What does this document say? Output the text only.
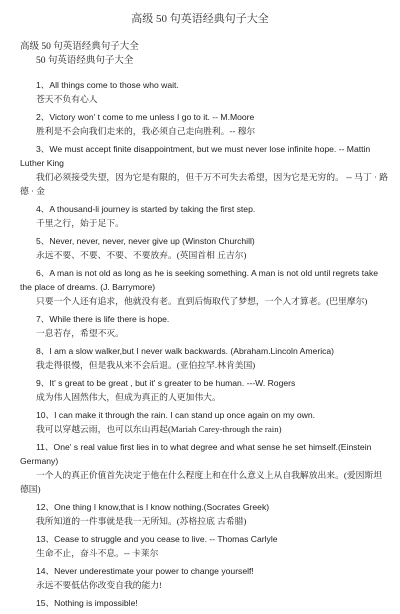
高级 50 句英语经典句子大全
高级 50 句英语经典句子大全
50 句英语经典句子大全

1、All things come to those who wait.

苍天不负有心人

2、Victory won' t come to me unless I go to it. -- M.Moore

胜利是不会向我们走来的，我必须自己走向胜利。-- 穆尔

3、We must accept finite disappointment, but we must never lose infinite hope. -- Mattin Luther King

我们必须接受失望，因为它是有限的，但千万不可失去希望，因为它是无穷的。 -- 马丁 · 路德 · 金

4、A thousand-li journey is started by taking the first step.

千里之行，始于足下。

5、Never, never, never, never give up (Winston Churchill)

永远不要、不要、不要、不要放弃。(英国首相 丘吉尔)

6、A man is not old as long as he is seeking something. A man is not old until regrets take the place of dreams. (J. Barrymore)

只要一个人还有追求，他就没有老。直到后悔取代了梦想，一个人才算老。(巴里摩尔)

7、While there is life there is hope.

一息若存，希望不灭。

8、I am a slow walker,but I never walk backwards. (Abraham.Lincoln America)

我走得很慢，但是我从来不会后退。(亚伯拉罕.林肯美国)

9、It' s great to be great , but it' s greater to be human. ---W. Rogers

成为伟人固然伟大，但成为真正的人更加伟大。

10、I can make it through the rain. I can stand up once again on my own.

我可以穿越云雨，也可以东山再起(Mariah Carey-through the rain)

11、One' s real value first lies in to what degree and what sense he set himself.(Einstein Germany)

一个人的真正价值首先决定于他在什么程度上和在什么意义上从自我解放出来。(爱因斯坦 德国)

12、One thing I know,that is I know nothing.(Socrates Greek)

我所知道的一件事就是我一无所知。(苏格拉底 古希腊)

13、Cease to struggle and you cease to live. -- Thomas Carlyle

生命不止，奋斗不息。-- 卡莱尔

14、Never underestimate your power to change yourself!

永远不要低估你改变自我的能力!

15、Nothing is impossible!
